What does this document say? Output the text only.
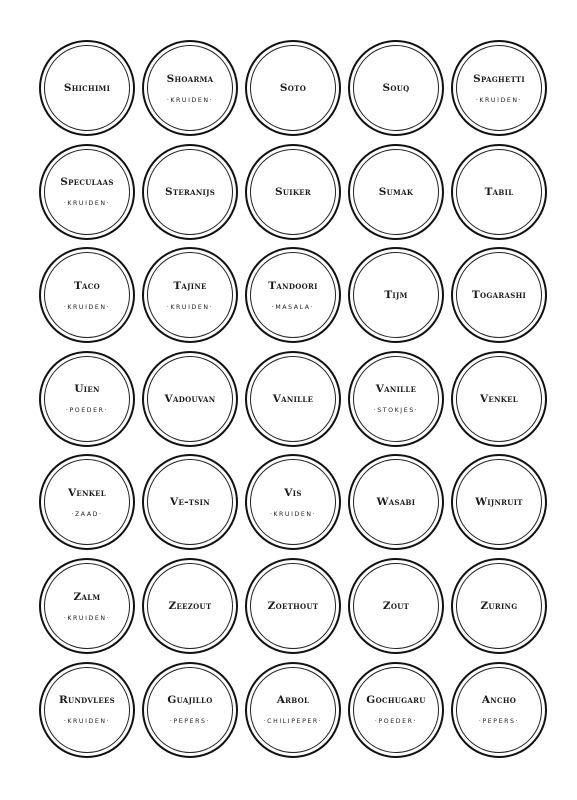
Shichimi
Shoarma
·KRUIDEN·
Soto	Souq
Spaghetti
·KRUIDEN·
Speculaas
·KRUIDEN·
Steranijs	Suiker	Sumak	Tabil
Taco
·KRUIDEN·
Tajine
·KRUIDEN·
Tandoori
·MASALA·
Tijm	Togarashi
Uien
·POEDER·
Vadouvan	Vanille
Vanille
·STOKJES·
Venkel
Venkel
·ZAAD·
Ve-tsin
Vis
·KRUIDEN·
Wasabi	Wijnruit
Zalm
·KRUIDEN·
Zeezout	Zoethout	Zout	Zuring
Rundvlees
·KRUIDEN·
Guajillo
·PEPERS·
Arbol
·CHILIPEPER·
Gochugaru
·POEDER·
Ancho
·PEPERS·
